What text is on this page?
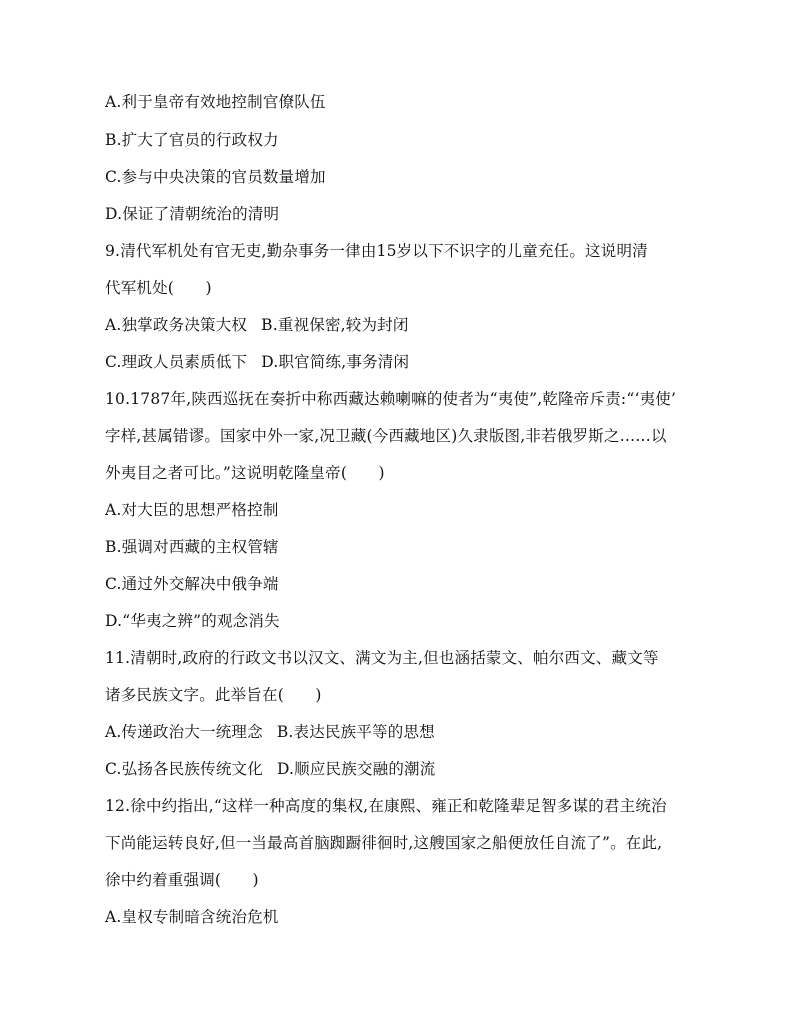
A.利于皇帝有效地控制官僚队伍
B.扩大了官员的行政权力
C.参与中央决策的官员数量增加
D.保证了清朝统治的清明
9.清代军机处有官无吏,勤杂事务一律由15岁以下不识字的儿童充任。这说明清
代军机处(　　)
A.独掌政务决策大权 B.重视保密,较为封闭
C.理政人员素质低下 D.职官简练,事务清闲
10.1787年,陕西巡抚在奏折中称西藏达赖喇嘛的使者为“夷使”,乾隆帝斥责:“‘夷使’
字样,甚属错谬。国家中外一家,况卫藏(今西藏地区)久隶版图,非若俄罗斯之……以
外夷目之者可比。”这说明乾隆皇帝(　　)
A.对大臣的思想严格控制
B.强调对西藏的主权管辖
C.通过外交解决中俄争端
D.“华夷之辨”的观念消失
11.清朝时,政府的行政文书以汉文、满文为主,但也涵括蒙文、帕尔西文、藏文等
诸多民族文字。此举旨在(　　)
A.传递政治大一统理念 B.表达民族平等的思想
C.弘扬各民族传统文化 D.顺应民族交融的潮流
12.徐中约指出,“这样一种高度的集权,在康熙、雍正和乾隆辈足智多谋的君主统治
下尚能运转良好,但一当最高首脑踟蹰徘徊时,这艘国家之船便放任自流了”。在此,
徐中约着重强调(　　)
A.皇权专制暗含统治危机
